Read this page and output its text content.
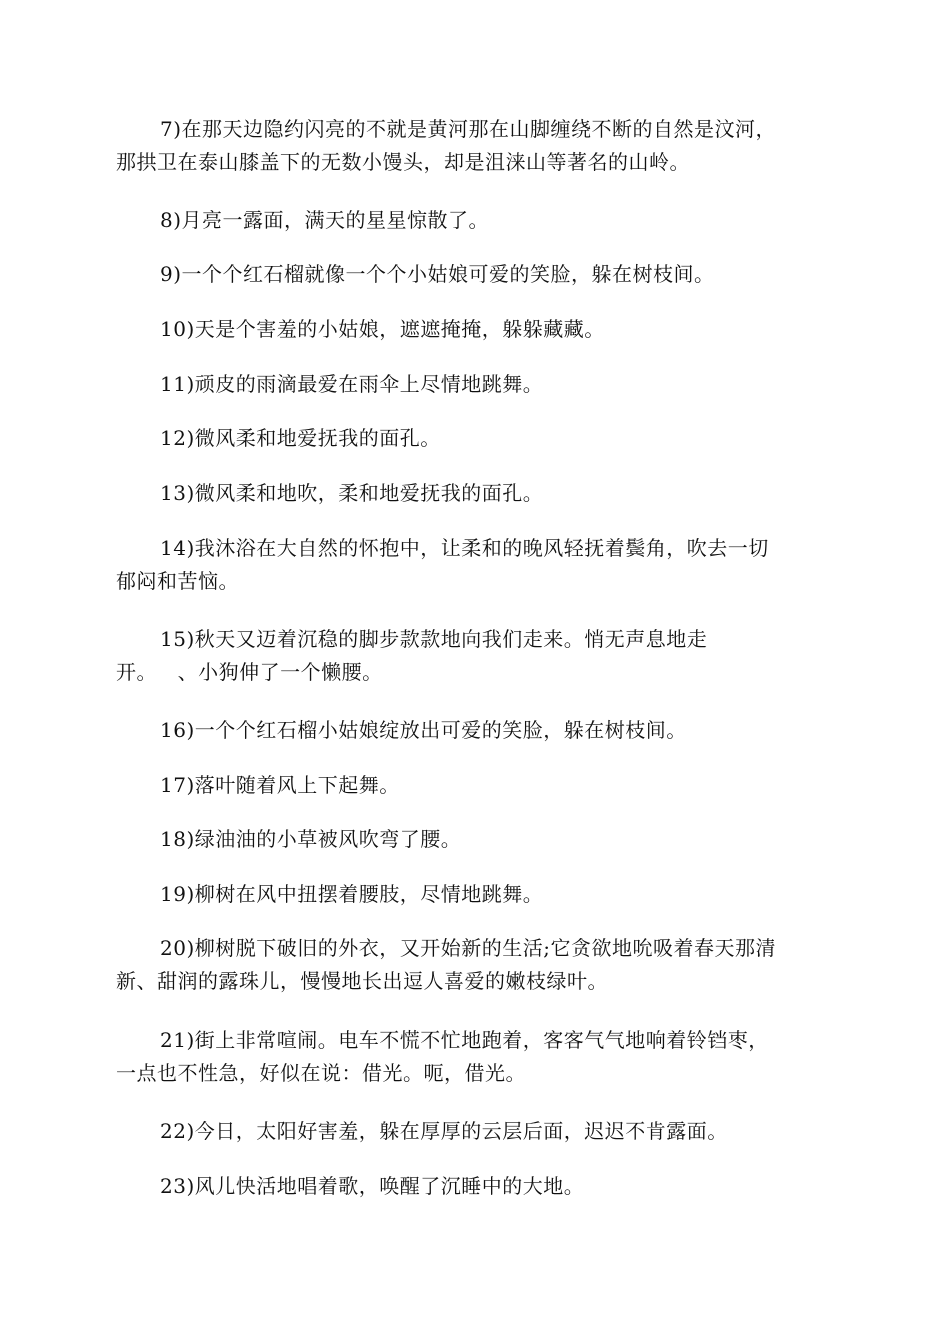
7)在那天边隐约闪亮的不就是黄河那在山脚缠绕不断的自然是汶河，
那拱卫在泰山膝盖下的无数小馒头，却是沮涞山等著名的山岭。

8)月亮一露面，满天的星星惊散了。

9)一个个红石榴就像一个个小姑娘可爱的笑脸，躲在树枝间。

10)天是个害羞的小姑娘，遮遮掩掩，躲躲藏藏。

11)顽皮的雨滴最爱在雨伞上尽情地跳舞。

12)微风柔和地爱抚我的面孔。

13)微风柔和地吹，柔和地爱抚我的面孔。

14)我沐浴在大自然的怀抱中，让柔和的晚风轻抚着鬓角，吹去一切
郁闷和苦恼。

15)秋天又迈着沉稳的脚步款款地向我们走来。悄无声息地走
开。   、小狗伸了一个懒腰。

16)一个个红石榴小姑娘绽放出可爱的笑脸，躲在树枝间。

17)落叶随着风上下起舞。

18)绿油油的小草被风吹弯了腰。

19)柳树在风中扭摆着腰肢，尽情地跳舞。

20)柳树脱下破旧的外衣，又开始新的生活;它贪欲地吮吸着春天那清
新、甜润的露珠儿，慢慢地长出逗人喜爱的嫩枝绿叶。

21)街上非常喧闹。电车不慌不忙地跑着，客客气气地响着铃铛枣，
一点也不性急，好似在说：借光。呃，借光。

22)今日，太阳好害羞，躲在厚厚的云层后面，迟迟不肯露面。

23)风儿快活地唱着歌，唤醒了沉睡中的大地。
